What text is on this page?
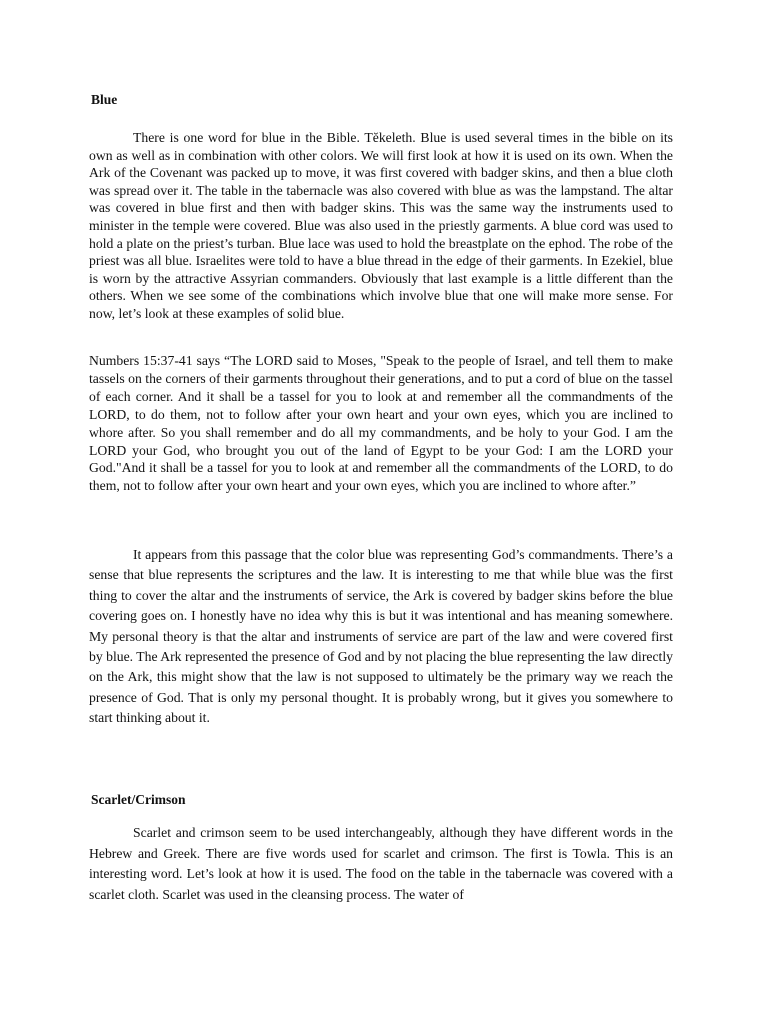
Blue

There is one word for blue in the Bible. Tĕkeleth. Blue is used several times in the bible on its own as well as in combination with other colors. We will first look at how it is used on its own. When the Ark of the Covenant was packed up to move, it was first covered with badger skins, and then a blue cloth was spread over it. The table in the tabernacle was also covered with blue as was the lampstand. The altar was covered in blue first and then with badger skins. This was the same way the instruments used to minister in the temple were covered. Blue was also used in the priestly garments. A blue cord was used to hold a plate on the priest’s turban. Blue lace was used to hold the breastplate on the ephod. The robe of the priest was all blue. Israelites were told to have a blue thread in the edge of their garments. In Ezekiel, blue is worn by the attractive Assyrian commanders. Obviously that last example is a little different than the others. When we see some of the combinations which involve blue that one will make more sense. For now, let’s look at these examples of solid blue.

Numbers 15:37-41 says “The LORD said to Moses, "Speak to the people of Israel, and tell them to make tassels on the corners of their garments throughout their generations, and to put a cord of blue on the tassel of each corner. And it shall be a tassel for you to look at and remember all the commandments of the LORD, to do them, not to follow after your own heart and your own eyes, which you are inclined to whore after. So you shall remember and do all my commandments, and be holy to your God. I am the LORD your God, who brought you out of the land of Egypt to be your God: I am the LORD your God."And it shall be a tassel for you to look at and remember all the commandments of the LORD, to do them, not to follow after your own heart and your own eyes, which you are inclined to whore after.”

It appears from this passage that the color blue was representing God’s commandments. There’s a sense that blue represents the scriptures and the law. It is interesting to me that while blue was the first thing to cover the altar and the instruments of service, the Ark is covered by badger skins before the blue covering goes on. I honestly have no idea why this is but it was intentional and has meaning somewhere. My personal theory is that the altar and instruments of service are part of the law and were covered first by blue. The Ark represented the presence of God and by not placing the blue representing the law directly on the Ark, this might show that the law is not supposed to ultimately be the primary way we reach the presence of God. That is only my personal thought. It is probably wrong, but it gives you somewhere to start thinking about it.

Scarlet/Crimson

Scarlet and crimson seem to be used interchangeably, although they have different words in the Hebrew and Greek. There are five words used for scarlet and crimson. The first is Towla. This is an interesting word. Let’s look at how it is used. The food on the table in the tabernacle was covered with a scarlet cloth. Scarlet was used in the cleansing process. The water of
